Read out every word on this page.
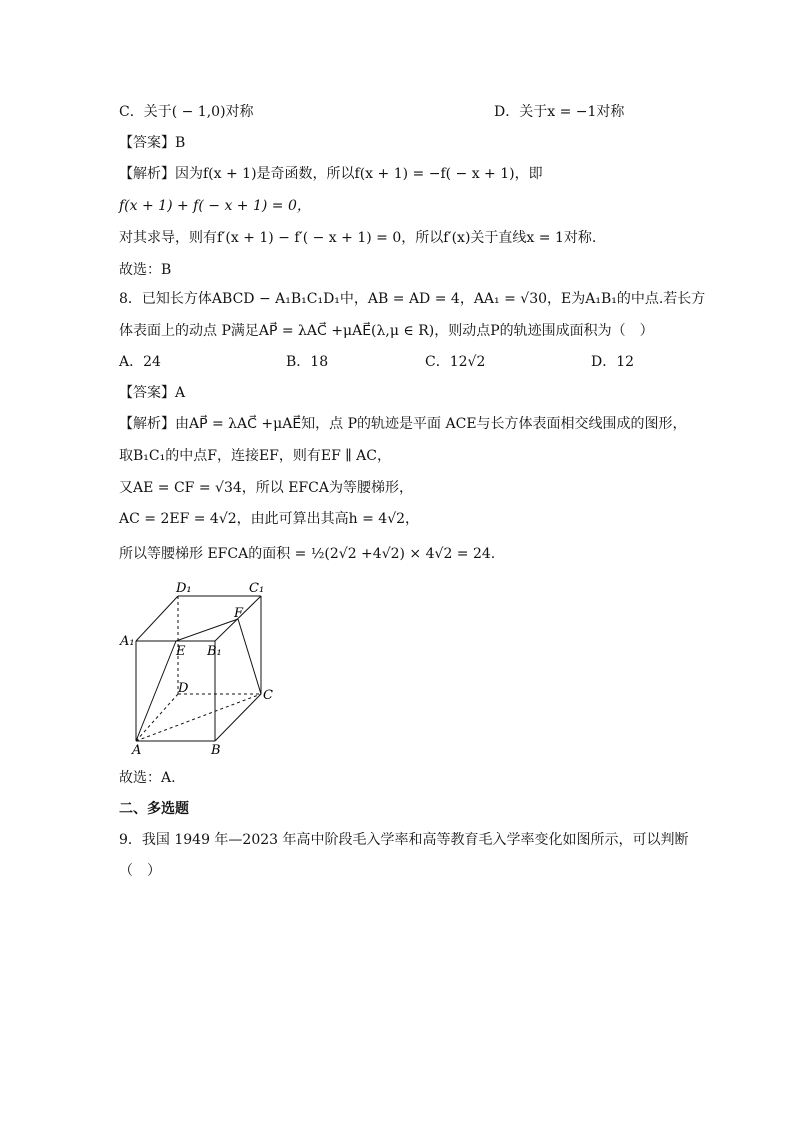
C．关于( − 1,0)对称	D．关于x = −1对称
【答案】B
【解析】因为f(x + 1)是奇函数，所以f(x + 1) = −f( − x + 1)，即
f(x + 1) + f( − x + 1) = 0，
对其求导，则有f′(x + 1) − f′( − x + 1) = 0，所以f′(x)关于直线x = 1对称.
故选：B
8．已知长方体ABCD − A₁B₁C₁D₁中，AB = AD = 4，AA₁ = √30，E为A₁B₁的中点.若长方
体表面上的动点 P满足AP⃗ = λAC⃗ +μAE⃗(λ,μ ∈ R)，则动点P的轨迹围成面积为（　）
A．24	B．18	C．12√2	D．12
【答案】A
【解析】由AP⃗ = λAC⃗ +μAE⃗知，点 P的轨迹是平面 ACE与长方体表面相交线围成的图形，
取B₁C₁的中点F，连接EF，则有EF ∥ AC，
又AE = CF = √34，所以 EFCA为等腰梯形，
AC = 2EF = 4√2，由此可算出其高h = 4√2，
所以等腰梯形 EFCA的面积 = ½(2√2 +4√2) × 4√2 = 24.
D₁	C₁
F
A₁
E B₁
D	C
A	B
故选：A.
二、多选题
9．我国 1949 年—2023 年高中阶段毛入学率和高等教育毛入学率变化如图所示，可以判断
（　）
